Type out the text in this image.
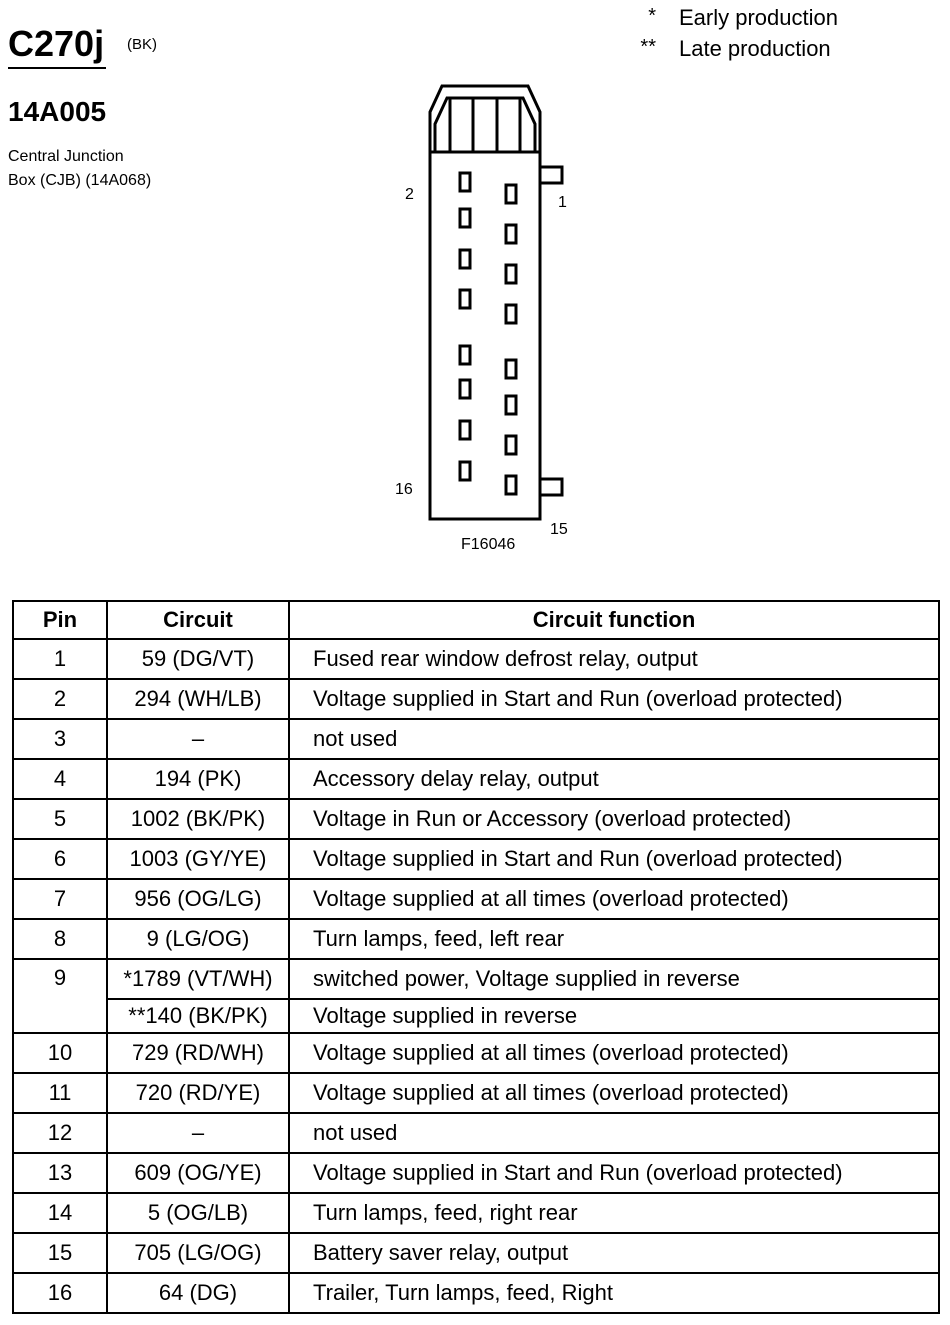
C270j (BK)
14A005
Central Junction
Box (CJB) (14A068)
* Early production
** Late production
2	1
16
15
F16046
Pin	Circuit	Circuit function
1	59 (DG/VT)	Fused rear window defrost relay, output
2	294 (WH/LB)	Voltage supplied in Start and Run (overload protected)
3	–	not used
4	194 (PK)	Accessory delay relay, output
5	1002 (BK/PK)	Voltage in Run or Accessory (overload protected)
6	1003 (GY/YE)	Voltage supplied in Start and Run (overload protected)
7	956 (OG/LG)	Voltage supplied at all times (overload protected)
8	9 (LG/OG)	Turn lamps, feed, left rear
9	*1789 (VT/WH)	switched power, Voltage supplied in reverse
	**140 (BK/PK)	Voltage supplied in reverse
10	729 (RD/WH)	Voltage supplied at all times (overload protected)
11	720 (RD/YE)	Voltage supplied at all times (overload protected)
12	–	not used
13	609 (OG/YE)	Voltage supplied in Start and Run (overload protected)
14	5 (OG/LB)	Turn lamps, feed, right rear
15	705 (LG/OG)	Battery saver relay, output
16	64 (DG)	Trailer, Turn lamps, feed, Right
